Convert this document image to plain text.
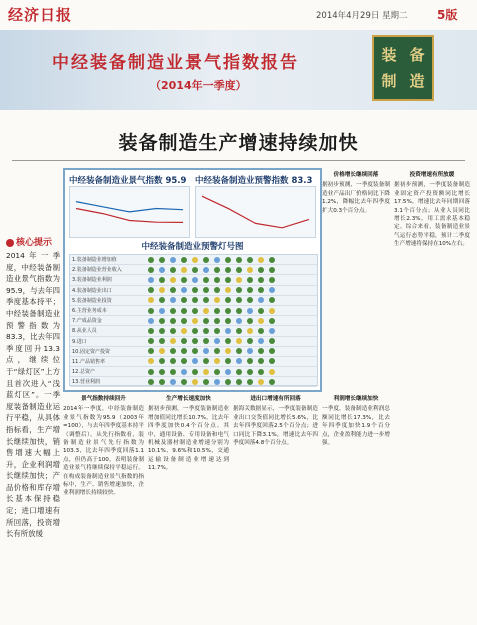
经济日报	2014年4月29日 星期二 5版
中经装备制造业景气指数报告
（2014年一季度）
装 备
制 造
装备制造生产增速持续加快
核心提示
2014年一季度，中经装备制造业景气指数为95.9，与去年四季度基本持平；中经装备制造业预警指数为83.3，比去年四季度回升13.3点，继续位于“绿灯区”上方且首次进入“浅蓝灯区”。一季度装备制造业运行平稳，从具体指标看，生产增长继续加快，销售增速大幅上升，企业利润增长继续加快；产品价格和库存增长基本保持稳定；进口增速有所回落，投资增长有所放缓
中经装备制造业景气指数 95.9 中经装备制造业预警指数 83.3
中经装备制造业预警灯号图
1.装备制造业增加值
2.装备制造业营业收入
3.装备制造业利润
4.装备制造业出口
5.装备制造业投资
6.主营业务成本
7.产成品资金
8.从业人员
9.进口
10.固定资产投资
11.产品销售率
12.总资产
13.营业利润
价格增长继续回落
据初步预测，一季度装备制造业产品出厂价格同比下降1.2%，降幅比去年四季度扩大0.3个百分点。
投资增速有所放缓
据初步预测，一季度装备制造业固定资产投资额同比增长17.5%，增速比去年同期回落3.1个百分点；从业人员同比增长2.3%，用工需求基本稳定。综合来看，装备制造业景气运行态势平稳，预计二季度生产增速将保持在10%左右。
景气指数持续回升
2014年一季度，中经装备制造业景气指数为95.9（2003年=100），与去年四季度基本持平（调整后）。从先行指数看，装备制造业景气先行指数为103.3，比去年四季度回落1.1点，但仍高于100，表明装备制造业景气将继续保持平稳运行。在构成装备制造业景气指数的指标中，生产、销售增速加快，企业利润增长持续较快。
生产增长速度加快
据初步预测，一季度装备制造业增加值同比增长10.7%，比去年四季度加快0.4个百分点。其中，通用设备、专用设备和电气机械及器材制造业增速分别为10.1%、9.6%和10.5%，交通运输设备制造业增速达到11.7%。
进出口增速有所回落
据海关数据显示，一季度装备制造业出口交货值同比增长5.6%，比去年四季度回落2.5个百分点；进口同比下降3.1%，增速比去年四季度回落4.8个百分点。
利润增长继续加快
一季度，装备制造业利润总额同比增长17.3%，比去年四季度加快1.9个百分点，企业盈利能力进一步增强。
